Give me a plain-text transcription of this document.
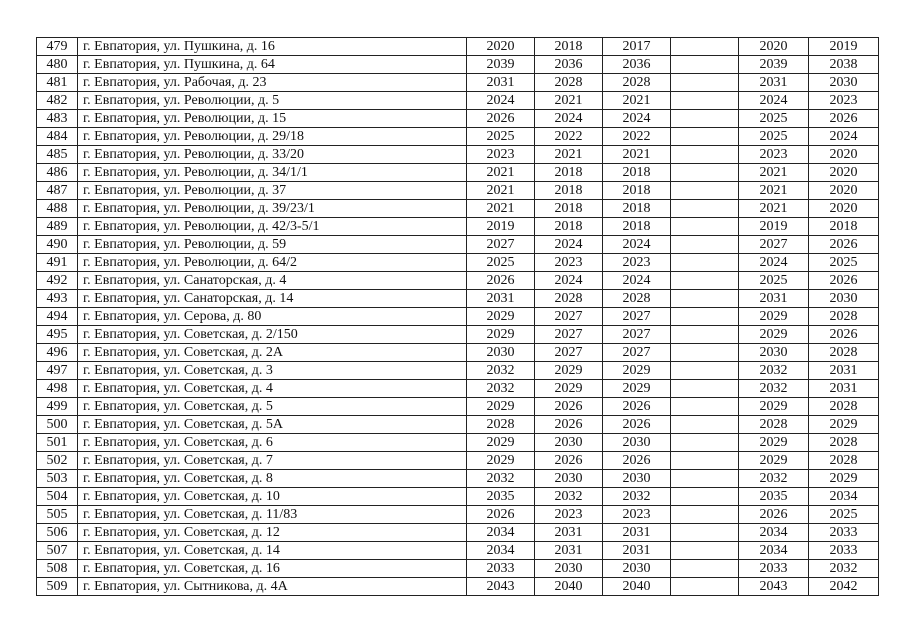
479	г. Евпатория, ул. Пушкина, д. 16	2020	2018	2017		2020	2019
480	г. Евпатория, ул. Пушкина, д. 64	2039	2036	2036		2039	2038
481	г. Евпатория, ул. Рабочая, д. 23	2031	2028	2028		2031	2030
482	г. Евпатория, ул. Революции, д. 5	2024	2021	2021		2024	2023
483	г. Евпатория, ул. Революции, д. 15	2026	2024	2024		2025	2026
484	г. Евпатория, ул. Революции, д. 29/18	2025	2022	2022		2025	2024
485	г. Евпатория, ул. Революции, д. 33/20	2023	2021	2021		2023	2020
486	г. Евпатория, ул. Революции, д. 34/1/1	2021	2018	2018		2021	2020
487	г. Евпатория, ул. Революции, д. 37	2021	2018	2018		2021	2020
488	г. Евпатория, ул. Революции, д. 39/23/1	2021	2018	2018		2021	2020
489	г. Евпатория, ул. Революции, д. 42/3-5/1	2019	2018	2018		2019	2018
490	г. Евпатория, ул. Революции, д. 59	2027	2024	2024		2027	2026
491	г. Евпатория, ул. Революции, д. 64/2	2025	2023	2023		2024	2025
492	г. Евпатория, ул. Санаторская, д. 4	2026	2024	2024		2025	2026
493	г. Евпатория, ул. Санаторская, д. 14	2031	2028	2028		2031	2030
494	г. Евпатория, ул. Серова, д. 80	2029	2027	2027		2029	2028
495	г. Евпатория, ул. Советская, д. 2/150	2029	2027	2027		2029	2026
496	г. Евпатория, ул. Советская, д. 2А	2030	2027	2027		2030	2028
497	г. Евпатория, ул. Советская, д. 3	2032	2029	2029		2032	2031
498	г. Евпатория, ул. Советская, д. 4	2032	2029	2029		2032	2031
499	г. Евпатория, ул. Советская, д. 5	2029	2026	2026		2029	2028
500	г. Евпатория, ул. Советская, д. 5А	2028	2026	2026		2028	2029
501	г. Евпатория, ул. Советская, д. 6	2029	2030	2030		2029	2028
502	г. Евпатория, ул. Советская, д. 7	2029	2026	2026		2029	2028
503	г. Евпатория, ул. Советская, д. 8	2032	2030	2030		2032	2029
504	г. Евпатория, ул. Советская, д. 10	2035	2032	2032		2035	2034
505	г. Евпатория, ул. Советская, д. 11/83	2026	2023	2023		2026	2025
506	г. Евпатория, ул. Советская, д. 12	2034	2031	2031		2034	2033
507	г. Евпатория, ул. Советская, д. 14	2034	2031	2031		2034	2033
508	г. Евпатория, ул. Советская, д. 16	2033	2030	2030		2033	2032
509	г. Евпатория, ул. Сытникова, д. 4А	2043	2040	2040		2043	2042
